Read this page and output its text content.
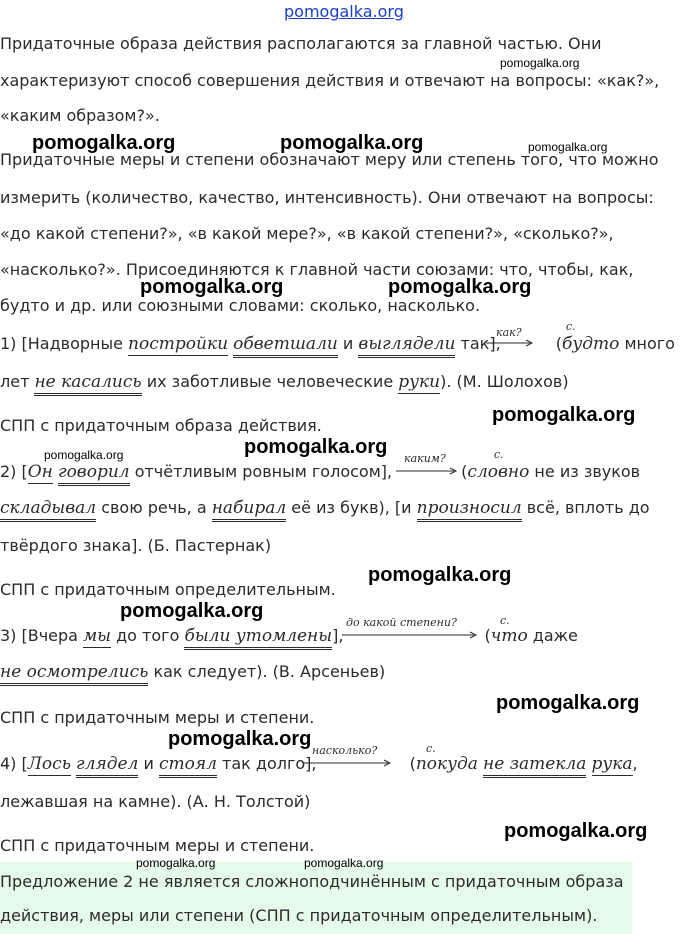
pomogalka.org
Придаточные образа действия располагаются за главной частью. Они
характеризуют способ совершения действия и отвечают на вопросы: «как?»,
«каким образом?».
Придаточные меры и степени обозначают меру или степень того, что можно
измерить (количество, качество, интенсивность). Они отвечают на вопросы:
«до какой степени?», «в какой мере?», «в какой степени?», «сколько?»,
«насколько?». Присоединяются к главной части союзами: что, чтобы, как,
будто и др. или союзными словами: сколько, насколько.
1) [Надворные постройки обветшали и выглядели так],	(будто много
как?	с.
лет не касались их заботливые человеческие руки). (М. Шолохов)
СПП с придаточным образа действия.
2) [Он говорил отчётливым ровным голосом],	(словно не из звуков
каким?	с.
складывал свою речь, а набирал её из букв), [и произносил всё, вплоть до
твёрдого знака]. (Б. Пастернак)
СПП с придаточным определительным.
3) [Вчера мы до того были утомлены],	(что даже
до какой степени?	с.
не осмотрелись как следует). (В. Арсеньев)
СПП с придаточным меры и степени.
4) [Лось глядел и стоял так долго],	(покуда не затекла рука,
насколько?	с.
лежавшая на камне). (А. Н. Толстой)
СПП с придаточным меры и степени.
Предложение 2 не является сложноподчинённым с придаточным образа
действия, меры или степени (СПП с придаточным определительным).
pomogalka.org	pomogalka.org	pomogalka.org
pomogalka.org
pomogalka.org	pomogalka.org
pomogalka.org
pomogalka.org	pomogalka.org
pomogalka.org
pomogalka.org
pomogalka.org
pomogalka.org
pomogalka.org
pomogalka.org	pomogalka.org
